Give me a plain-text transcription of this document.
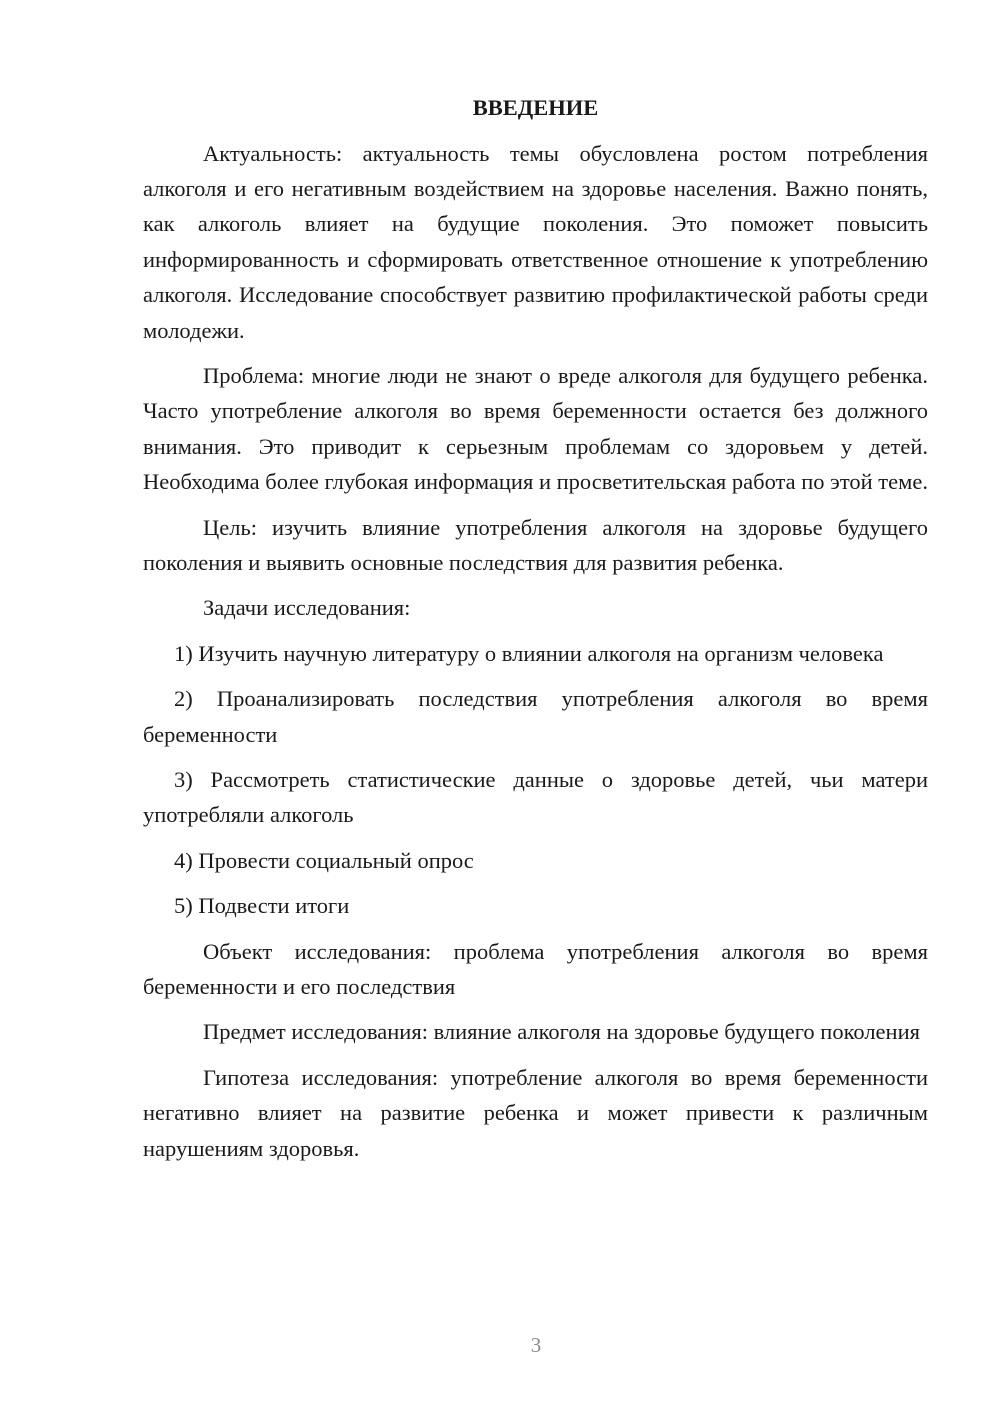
ВВЕДЕНИЕ

Актуальность: актуальность темы обусловлена ростом потребления алкоголя и его негативным воздействием на здоровье населения. Важно понять, как алкоголь влияет на будущие поколения. Это поможет повысить информированность и сформировать ответственное отношение к употреблению алкоголя. Исследование способствует развитию профилактической работы среди молодежи.

Проблема: многие люди не знают о вреде алкоголя для будущего ребенка. Часто употребление алкоголя во время беременности остается без должного внимания. Это приводит к серьезным проблемам со здоровьем у детей. Необходима более глубокая информация и просветительская работа по этой теме.

Цель: изучить влияние употребления алкоголя на здоровье будущего поколения и выявить основные последствия для развития ребенка.

Задачи исследования:

1) Изучить научную литературу о влиянии алкоголя на организм человека

2) Проанализировать последствия употребления алкоголя во время беременности

3) Рассмотреть статистические данные о здоровье детей, чьи матери употребляли алкоголь

4) Провести социальный опрос

5) Подвести итоги

Объект исследования: проблема употребления алкоголя во время беременности и его последствия

Предмет исследования: влияние алкоголя на здоровье будущего поколения

Гипотеза исследования: употребление алкоголя во время беременности негативно влияет на развитие ребенка и может привести к различным нарушениям здоровья.

3
